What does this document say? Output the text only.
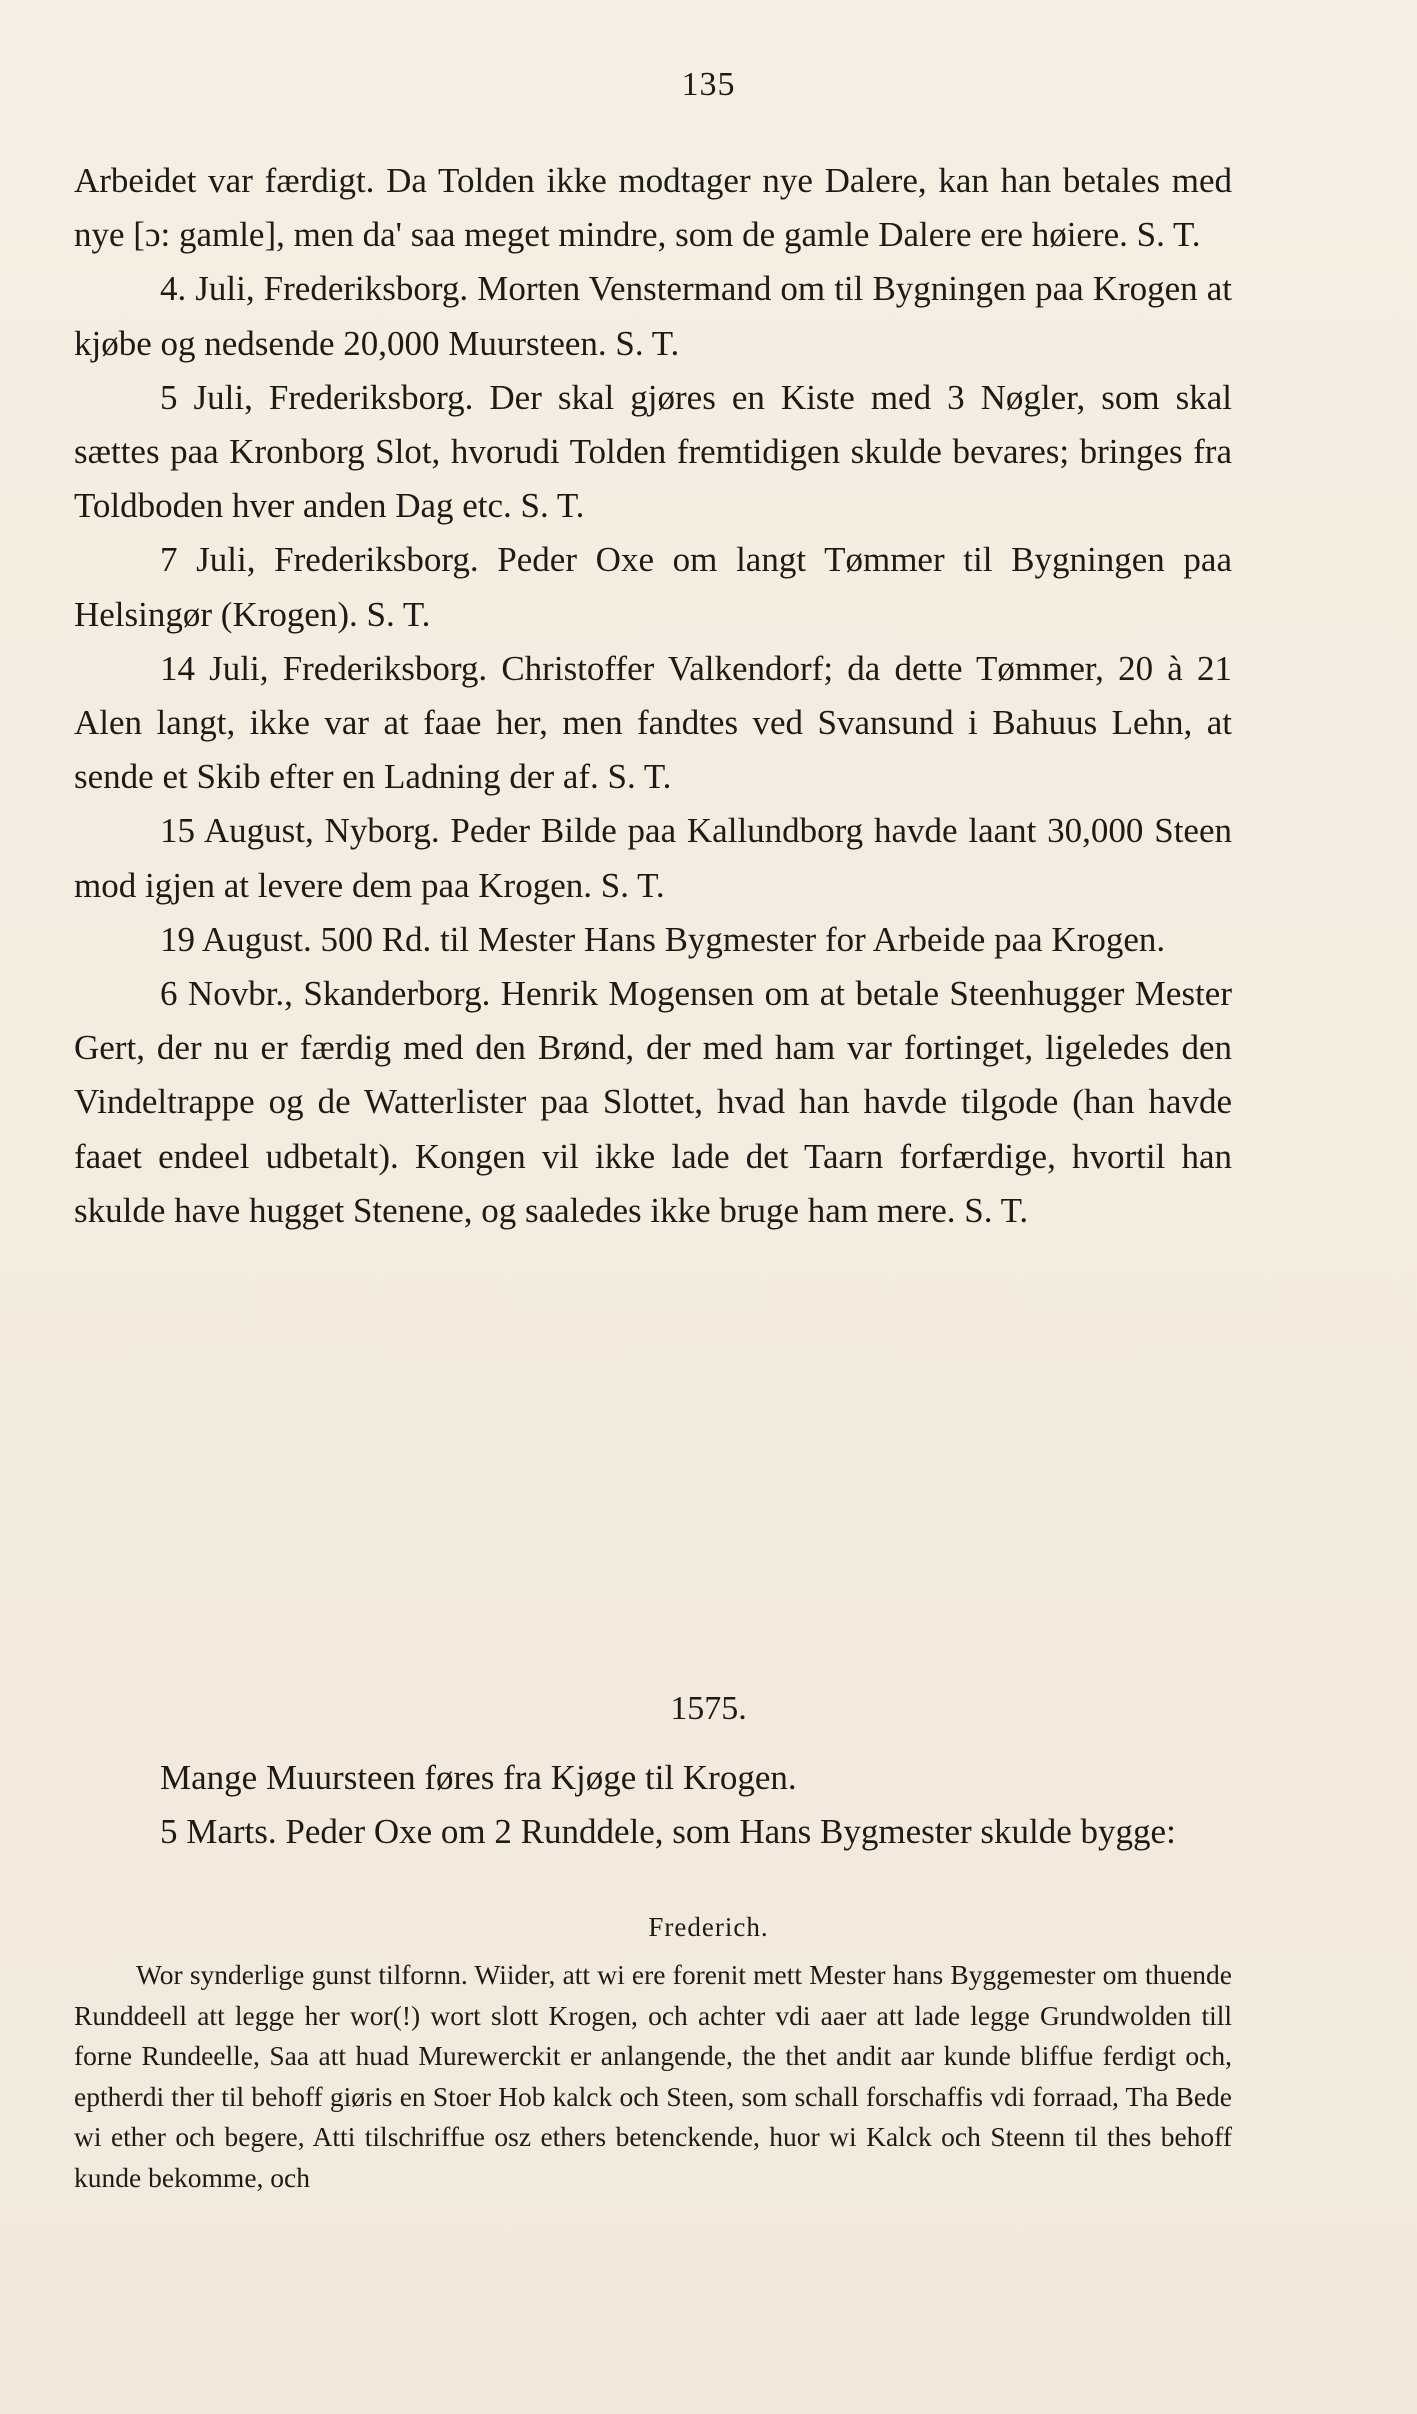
135

Arbeidet var færdigt. Da Tolden ikke modtager nye Dalere, kan han betales med nye [ɔ: gamle], men da' saa meget mindre, som de gamle Dalere ere høiere. S. T.

4. Juli, Frederiksborg. Morten Venstermand om til Bygningen paa Krogen at kjøbe og nedsende 20,000 Muursteen. S. T.

5 Juli, Frederiksborg. Der skal gjøres en Kiste med 3 Nøgler, som skal sættes paa Kronborg Slot, hvorudi Tolden fremtidigen skulde bevares; bringes fra Toldboden hver anden Dag etc. S. T.

7 Juli, Frederiksborg. Peder Oxe om langt Tømmer til Bygningen paa Helsingør (Krogen). S. T.

14 Juli, Frederiksborg. Christoffer Valkendorf; da dette Tømmer, 20 à 21 Alen langt, ikke var at faae her, men fandtes ved Svansund i Bahuus Lehn, at sende et Skib efter en Ladning der af. S. T.

15 August, Nyborg. Peder Bilde paa Kallundborg havde laant 30,000 Steen mod igjen at levere dem paa Krogen. S. T.

19 August. 500 Rd. til Mester Hans Bygmester for Arbeide paa Krogen.

6 Novbr., Skanderborg. Henrik Mogensen om at betale Steenhugger Mester Gert, der nu er færdig med den Brønd, der med ham var fortinget, ligeledes den Vindeltrappe og de Watterlister paa Slottet, hvad han havde tilgode (han havde faaet endeel udbetalt). Kongen vil ikke lade det Taarn forfærdige, hvortil han skulde have hugget Stenene, og saaledes ikke bruge ham mere. S. T.

1575.

Mange Muursteen føres fra Kjøge til Krogen.

5 Marts. Peder Oxe om 2 Runddele, som Hans Bygmester skulde bygge:

Frederich.

Wor synderlige gunst tilfornn. Wiider, att wi ere forenit mett Mester hans Byggemester om thuende Runddeell att legge her wor(!) wort slott Krogen, och achter vdi aaer att lade legge Grundwolden till forne Rundeelle, Saa att huad Murewerckit er anlangende, the thet andit aar kunde bliffue ferdigt och, eptherdi ther til behoff giøris en Stoer Hob kalck och Steen, som schall forschaffis vdi forraad, Tha Bede wi ether och begere, Atti tilschriffue osz ethers betenckende, huor wi Kalck och Steenn til thes behoff kunde bekomme, och
